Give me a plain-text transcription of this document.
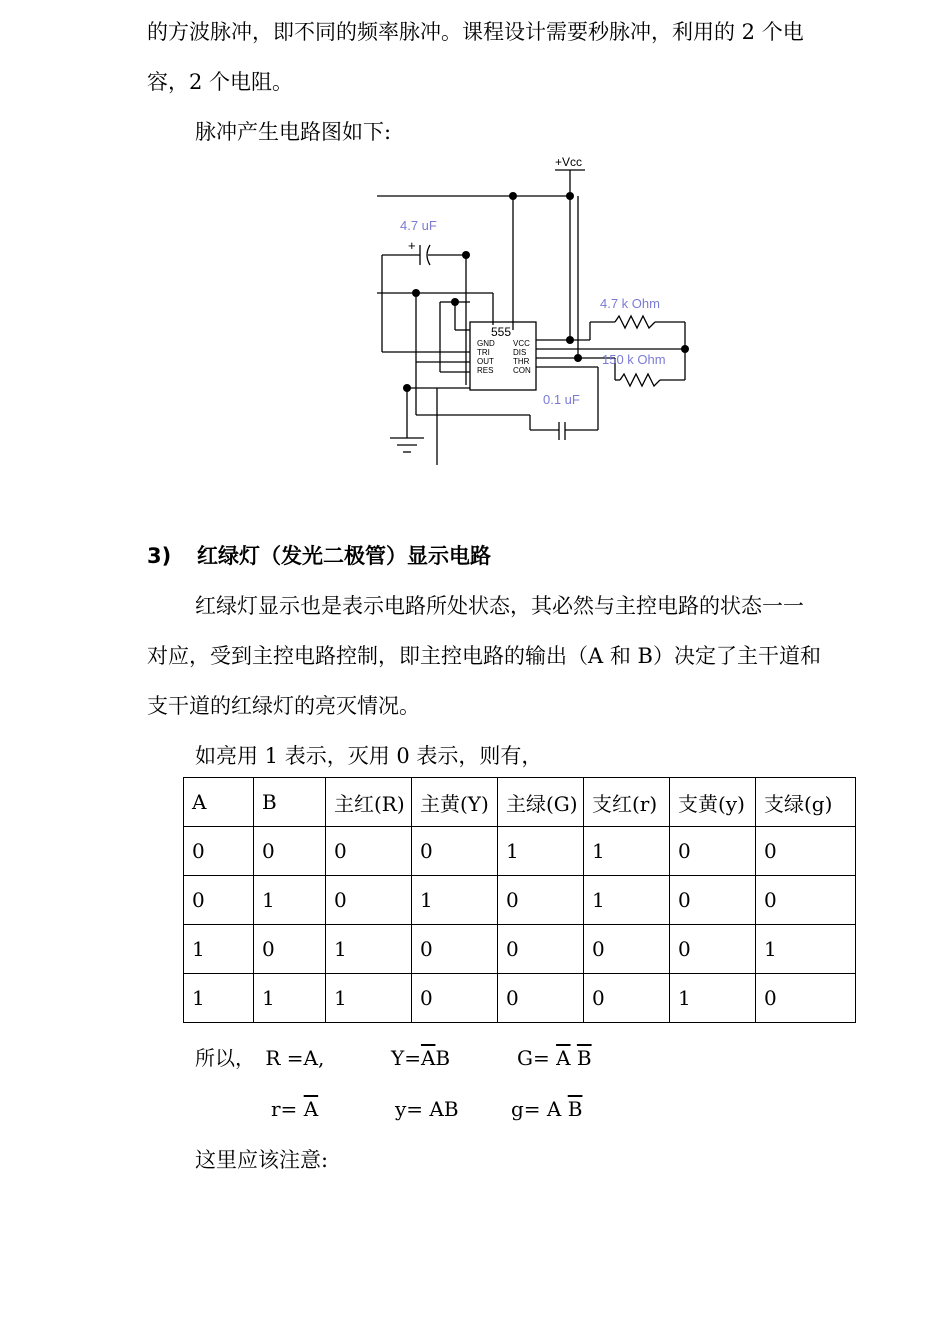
的方波脉冲，即不同的频率脉冲。课程设计需要秒脉冲，利用的 2 个电
容，2 个电阻。
脉冲产生电路图如下:
+Vcc
+
4.7 uF
4.7 k Ohm
150 k Ohm
0.1 uF
555
GND
TRI
OUT
RES
VCC
DIS
THR
CON
3) 红绿灯（发光二极管）显示电路
红绿灯显示也是表示电路所处状态，其必然与主控电路的状态一一
对应，受到主控电路控制，即主控电路的输出（A 和 B）决定了主干道和
支干道的红绿灯的亮灭情况。
如亮用 1 表示，灭用 0 表示，则有，
A	B	主红(R)	主黄(Y)	主绿(G)	支红(r)	支黄(y)	支绿(g)
0	0	0	0	1	1	0	0
0	1	0	1	0	1	0	0
1	0	1	0	0	0	0	1
1	1	1	0	0	0	1	0
所以， R =A,	$Y=\overline{A}B$	$G= \overline{A}$ $\overline{B}$
$r= \overline{A}$	y= AB	g= A $\overline{B}$
这里应该注意:
